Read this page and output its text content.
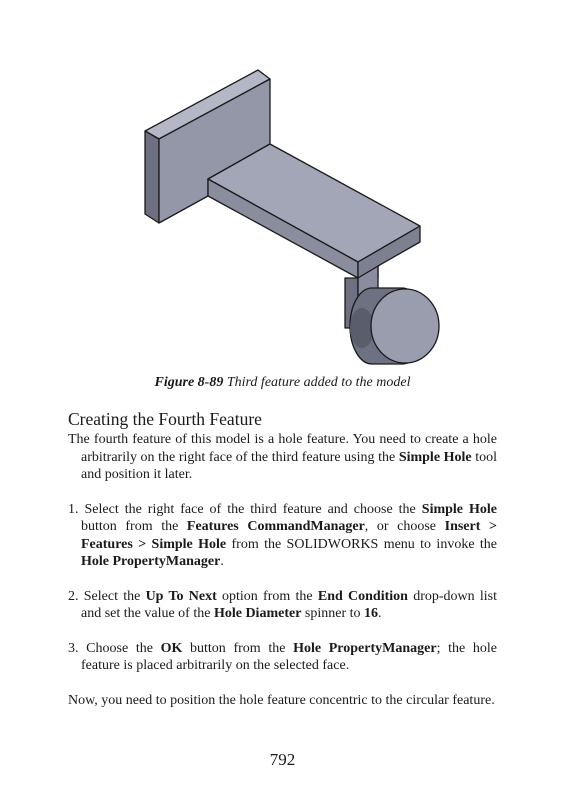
Figure 8-89 Third feature added to the model
Creating the Fourth Feature

The fourth feature of this model is a hole feature. You need to create a hole arbitrarily on the right face of the third feature using the Simple Hole tool and position it later.

1. Select the right face of the third feature and choose the Simple Hole button from the Features CommandManager, or choose Insert > Features > Simple Hole from the SOLIDWORKS menu to invoke the Hole PropertyManager.

2. Select the Up To Next option from the End Condition drop-down list and set the value of the Hole Diameter spinner to 16.

3. Choose the OK button from the Hole PropertyManager; the hole feature is placed arbitrarily on the selected face.

Now, you need to position the hole feature concentric to the circular feature.

792
